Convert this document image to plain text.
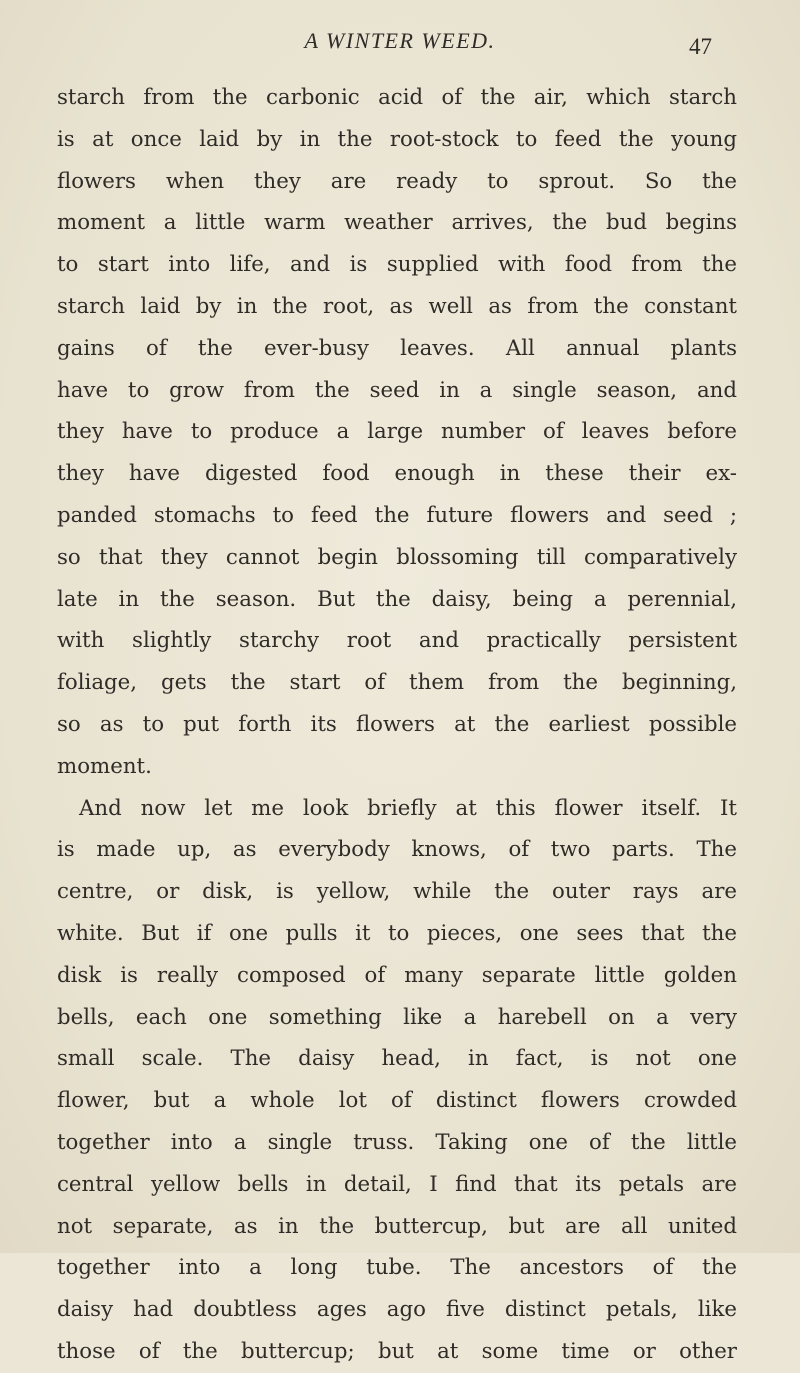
A WINTER WEED.	47
starch from the carbonic acid of the air, which starch
is at once laid by in the root-stock to feed the young
flowers when they are ready to sprout. So the
moment a little warm weather arrives, the bud begins
to start into life, and is supplied with food from the
starch laid by in the root, as well as from the constant
gains of the ever-busy leaves. All annual plants
have to grow from the seed in a single season, and
they have to produce a large number of leaves before
they have digested food enough in these their ex-
panded stomachs to feed the future flowers and seed ;
so that they cannot begin blossoming till comparatively
late in the season. But the daisy, being a perennial,
with slightly starchy root and practically persistent
foliage, gets the start of them from the beginning,
so as to put forth its flowers at the earliest possible
moment.
And now let me look briefly at this flower itself. It
is made up, as everybody knows, of two parts. The
centre, or disk, is yellow, while the outer rays are
white. But if one pulls it to pieces, one sees that the
disk is really composed of many separate little golden
bells, each one something like a harebell on a very
small scale. The daisy head, in fact, is not one
flower, but a whole lot of distinct flowers crowded
together into a single truss. Taking one of the little
central yellow bells in detail, I find that its petals are
not separate, as in the buttercup, but are all united
together into a long tube. The ancestors of the
daisy had doubtless ages ago five distinct petals, like
those of the buttercup; but at some time or other
